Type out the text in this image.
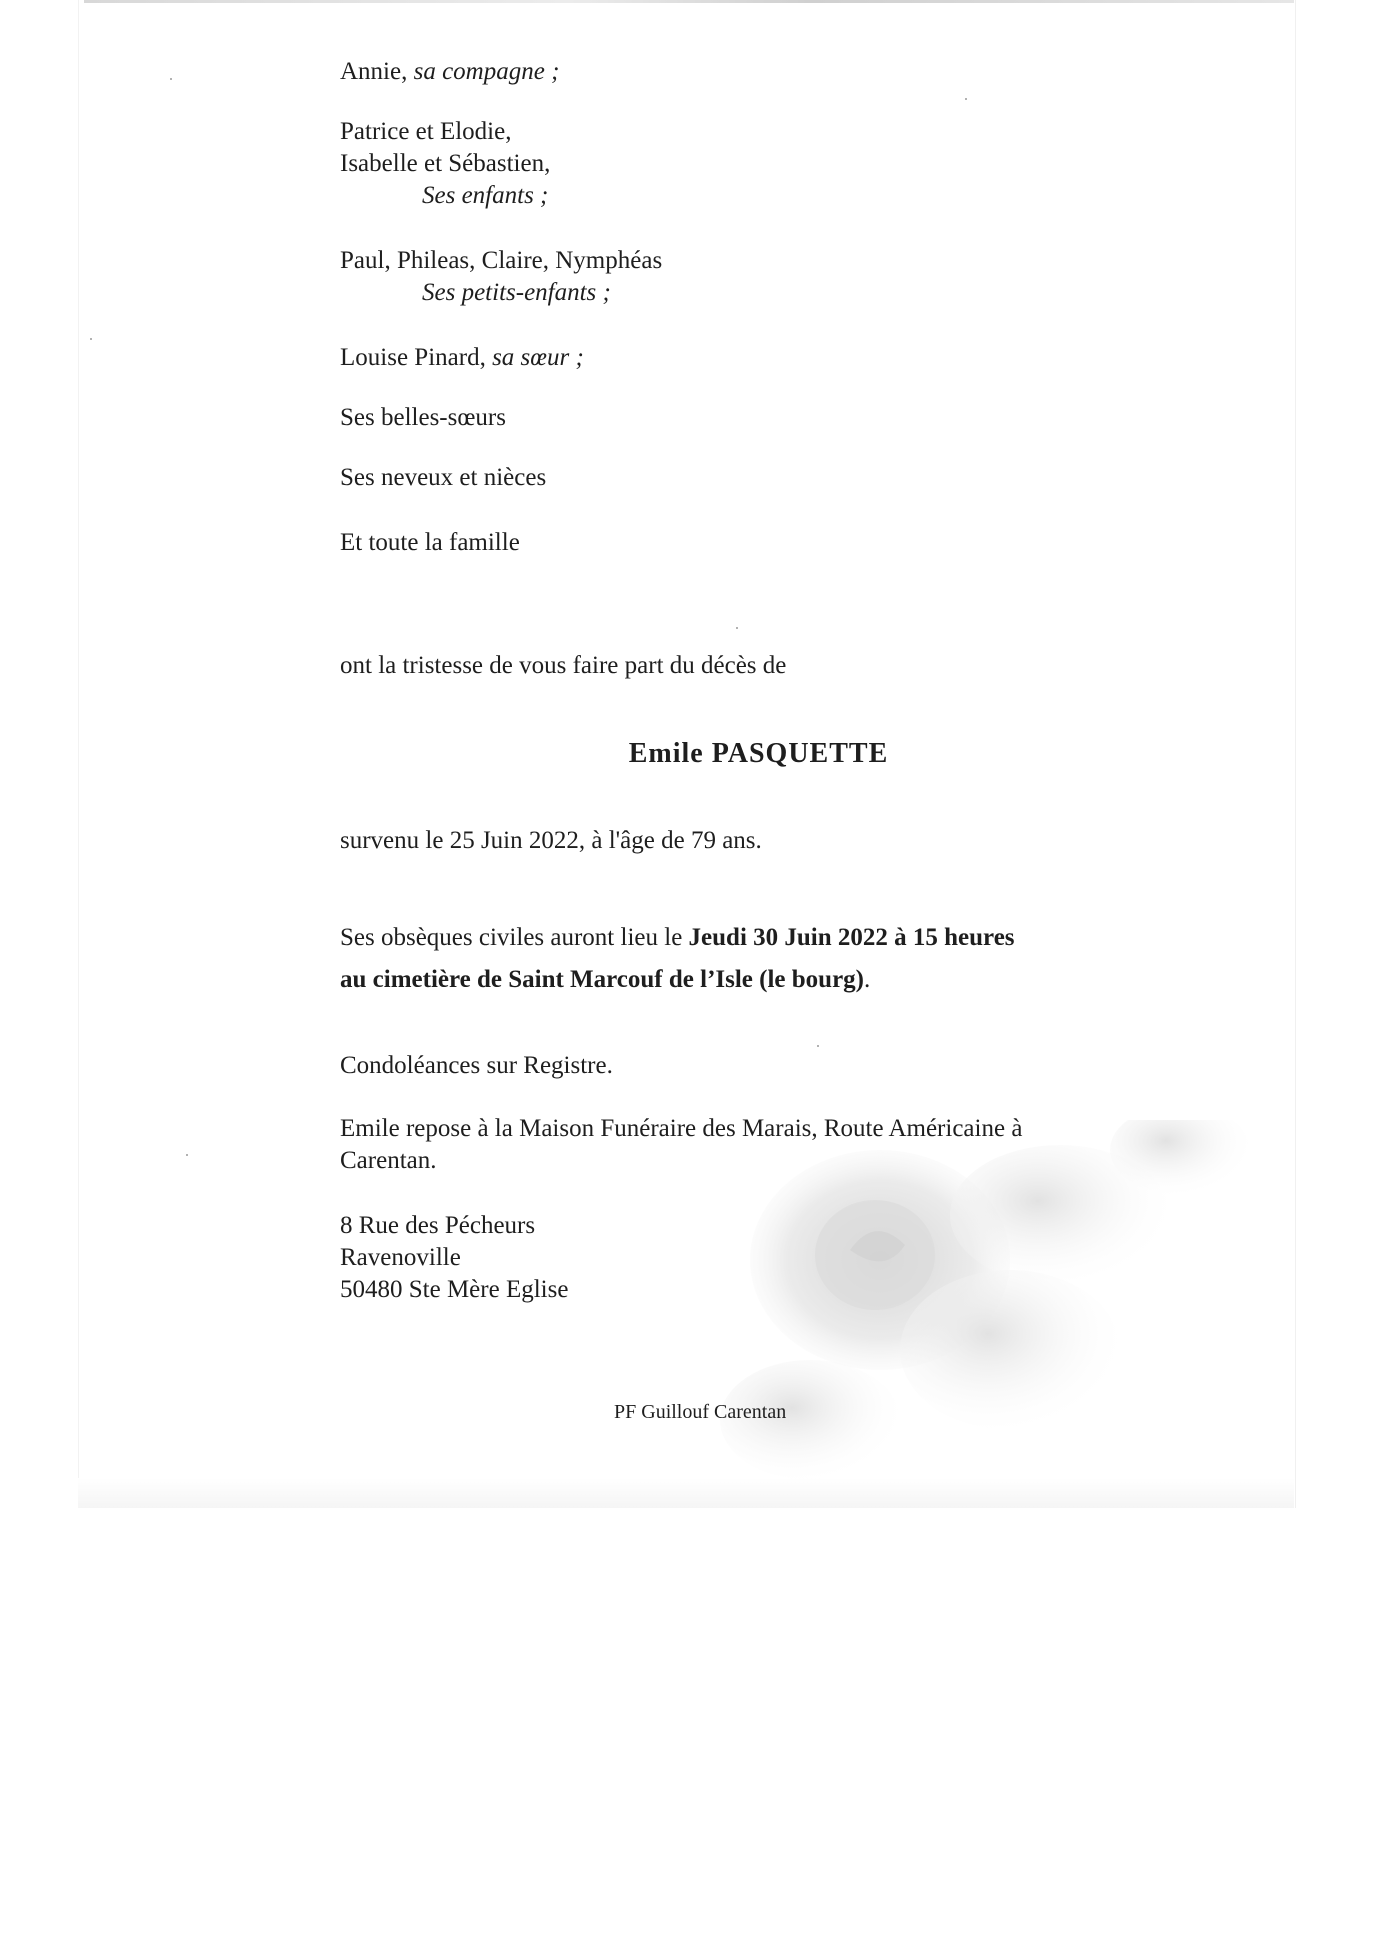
Annie, sa compagne ;
Patrice et Elodie,
Isabelle et Sébastien,
Ses enfants ;
Paul, Phileas, Claire, Nymphéas
Ses petits-enfants ;
Louise Pinard, sa sœur ;
Ses belles-sœurs
Ses neveux et nièces
Et toute la famille
ont la tristesse de vous faire part du décès de
Emile PASQUETTE
survenu le 25 Juin 2022, à l'âge de 79 ans.
Ses obsèques civiles auront lieu le Jeudi 30 Juin 2022 à 15 heures
au cimetière de Saint Marcouf de l’Isle (le bourg).
Condoléances sur Registre.
Emile repose à la Maison Funéraire des Marais, Route Américaine à
Carentan.
8 Rue des Pécheurs
Ravenoville
50480 Ste Mère Eglise
PF Guillouf Carentan
